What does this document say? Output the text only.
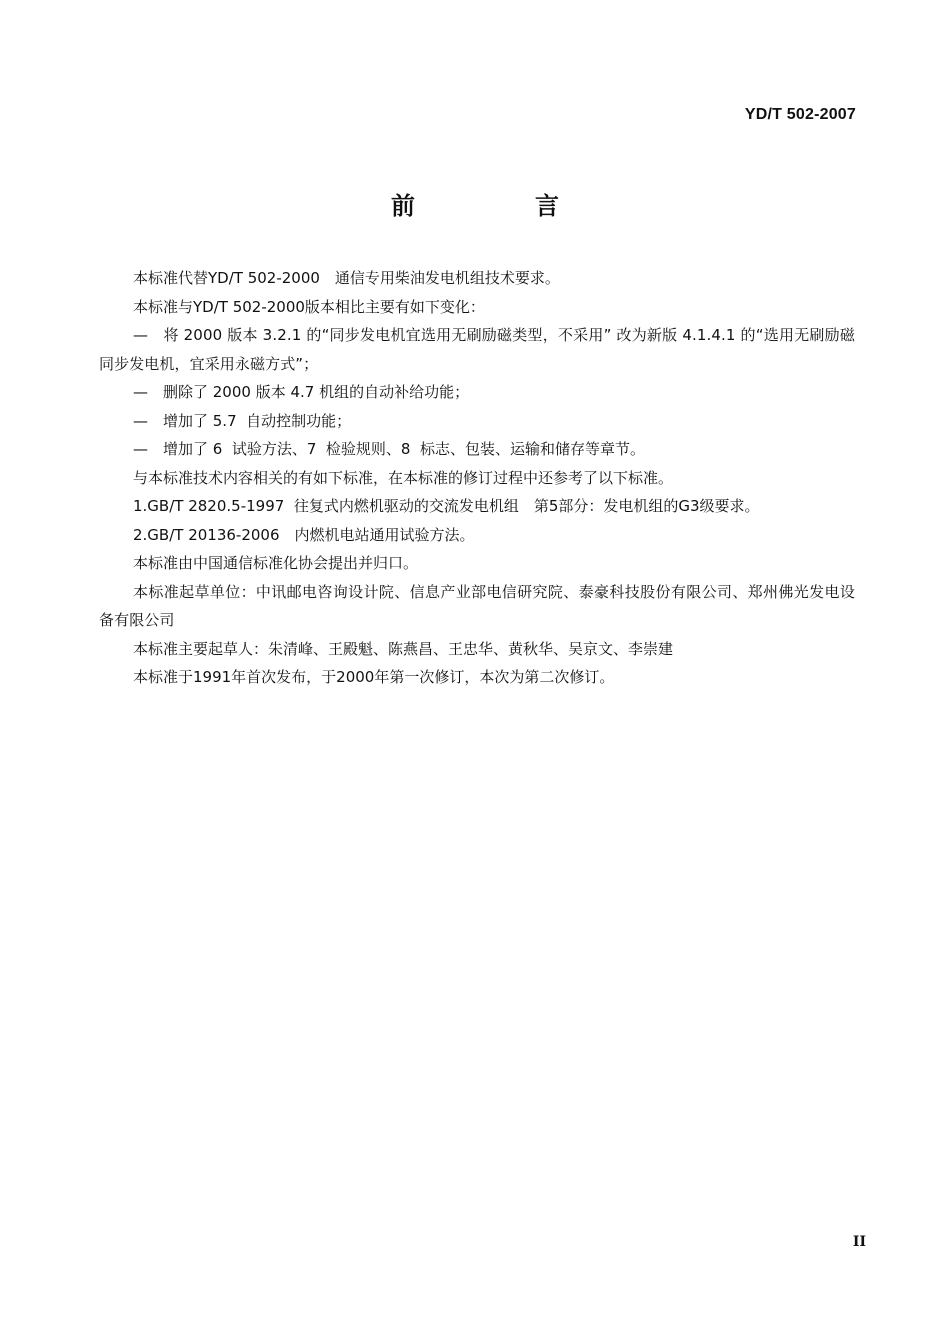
YD/T 502-2007
前　言
本标准代替YD/T 502-2000　通信专用柴油发电机组技术要求。
本标准与YD/T 502-2000版本相比主要有如下变化：
—　将 2000 版本 3.2.1 的“同步发电机宜选用无刷励磁类型，不采用” 改为新版 4.1.4.1 的“选用无刷励磁同步发电机，宜采用永磁方式”；
—　删除了 2000 版本 4.7 机组的自动补给功能；
—　增加了 5.7  自动控制功能；
—　增加了 6  试验方法、7  检验规则、8  标志、包装、运输和储存等章节。
与本标准技术内容相关的有如下标准，在本标准的修订过程中还参考了以下标准。
1.GB/T 2820.5-1997  往复式内燃机驱动的交流发电机组　第5部分：发电机组的G3级要求。
2.GB/T 20136-2006　内燃机电站通用试验方法。
本标准由中国通信标准化协会提出并归口。
本标准起草单位：中讯邮电咨询设计院、信息产业部电信研究院、泰豪科技股份有限公司、郑州佛光发电设备有限公司
本标准主要起草人：朱清峰、王殿魁、陈燕昌、王忠华、黄秋华、吴京文、李崇建
本标准于1991年首次发布，于2000年第一次修订，本次为第二次修订。
II
